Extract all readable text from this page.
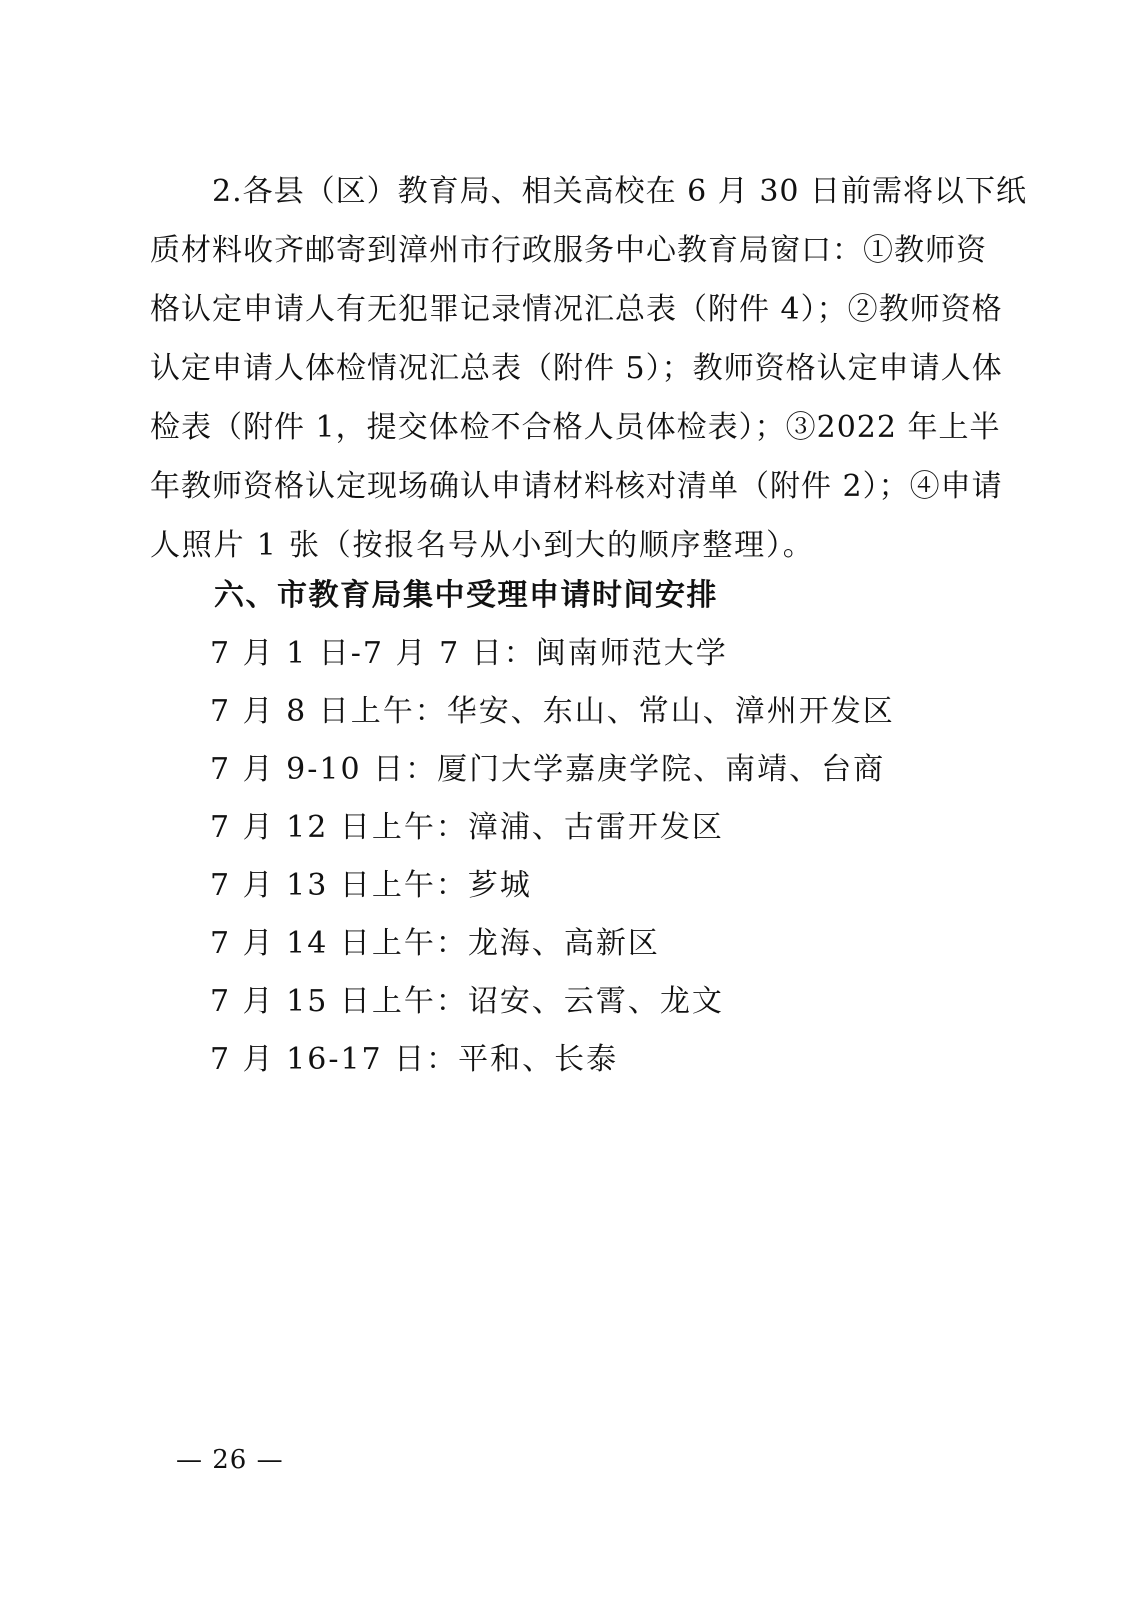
2.各县（区）教育局、相关高校在 6 月 30 日前需将以下纸
质材料收齐邮寄到漳州市行政服务中心教育局窗口：①教师资
格认定申请人有无犯罪记录情况汇总表（附件 4）；②教师资格
认定申请人体检情况汇总表（附件 5）；教师资格认定申请人体
检表（附件 1，提交体检不合格人员体检表）；③2022 年上半
年教师资格认定现场确认申请材料核对清单（附件 2）；④申请
人照片 1 张（按报名号从小到大的顺序整理）。
六、市教育局集中受理申请时间安排
7 月 1 日-7 月 7 日：闽南师范大学
7 月 8 日上午：华安、东山、常山、漳州开发区
7 月 9-10 日：厦门大学嘉庚学院、南靖、台商
7 月 12 日上午：漳浦、古雷开发区
7 月 13 日上午：芗城
7 月 14 日上午：龙海、高新区
7 月 15 日上午：诏安、云霄、龙文
7 月 16-17 日：平和、长泰
— 26 —
